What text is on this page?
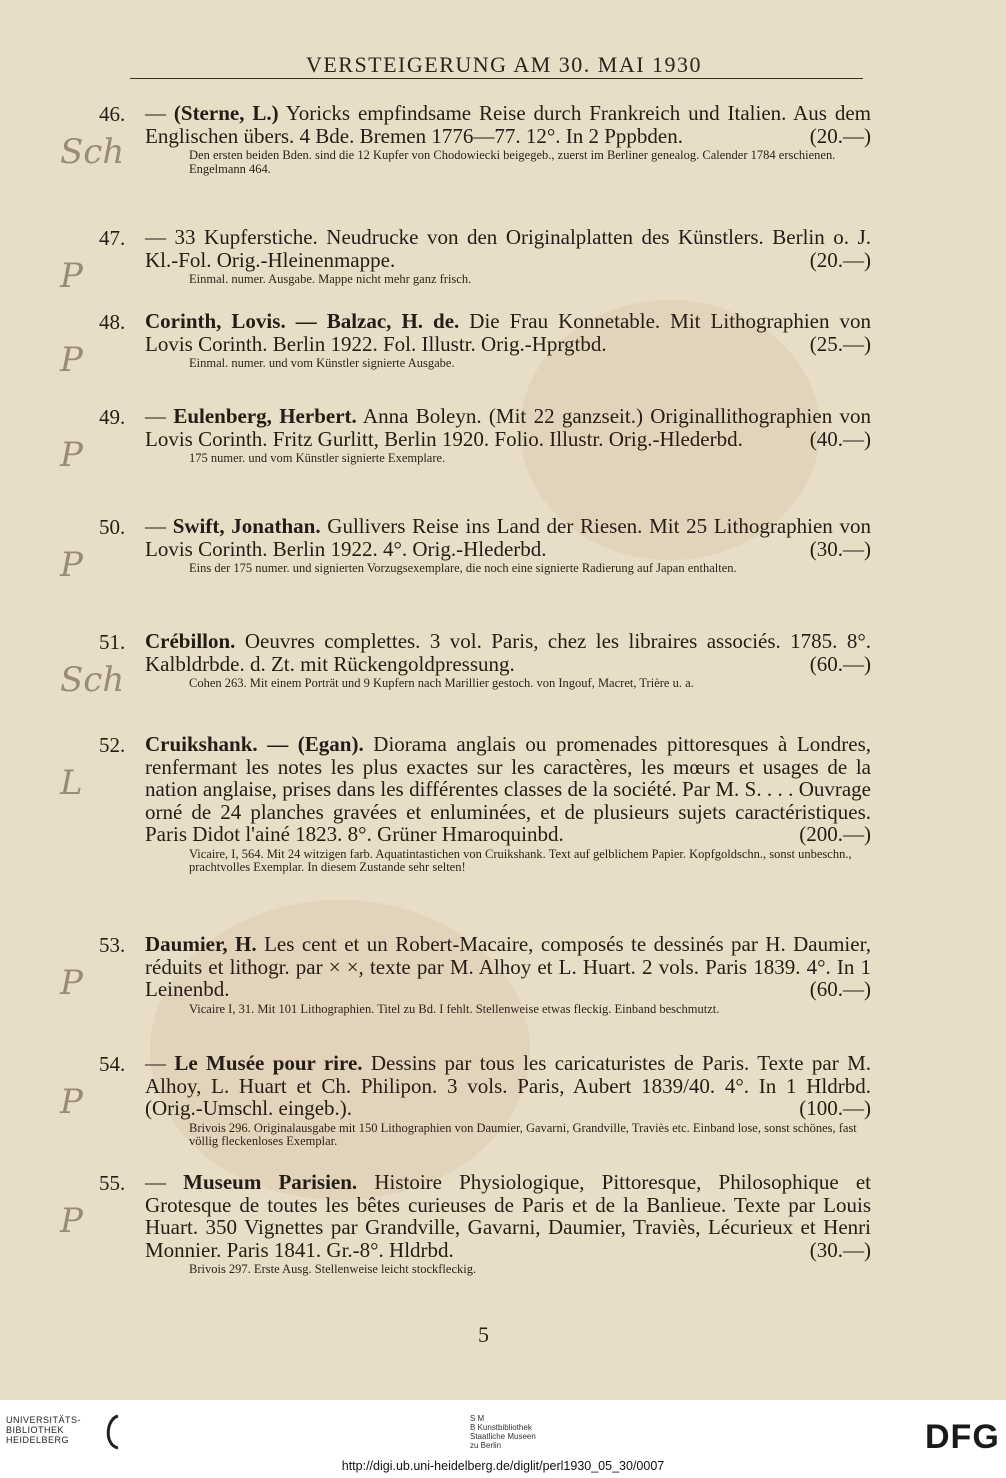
VERSTEIGERUNG AM 30. MAI 1930
46. — (Sterne, L.) Yoricks empfindsame Reise durch Frankreich und Italien. Aus dem Englischen übers. 4 Bde. Bremen 1776—77. 12°. In 2 Pppbden.	(20.—)
Den ersten beiden Bden. sind die 12 Kupfer von Chodowiecki beigegeb., zuerst im Berliner genealog. Calender 1784 erschienen. Engelmann 464.
Sch
47. — 33 Kupferstiche. Neudrucke von den Originalplatten des Künstlers. Berlin o. J. Kl.-Fol. Orig.-Hleinenmappe.	(20.—)
Einmal. numer. Ausgabe. Mappe nicht mehr ganz frisch.
P
48. Corinth, Lovis. — Balzac, H. de. Die Frau Konnetable. Mit Lithographien von Lovis Corinth. Berlin 1922. Fol. Illustr. Orig.-Hprgtbd.	(25.—)
Einmal. numer. und vom Künstler signierte Ausgabe.
P
49. — Eulenberg, Herbert. Anna Boleyn. (Mit 22 ganzseit.) Originallithographien von Lovis Corinth. Fritz Gurlitt, Berlin 1920. Folio. Illustr. Orig.-Hlederbd.	(40.—)
175 numer. und vom Künstler signierte Exemplare.
P
50. — Swift, Jonathan. Gullivers Reise ins Land der Riesen. Mit 25 Lithographien von Lovis Corinth. Berlin 1922. 4°. Orig.-Hlederbd.	(30.—)
Eins der 175 numer. und signierten Vorzugsexemplare, die noch eine signierte Radierung auf Japan enthalten.
P
51. Crébillon. Oeuvres complettes. 3 vol. Paris, chez les libraires associés. 1785. 8°. Kalbldrbde. d. Zt. mit Rückengoldpressung.	(60.—)
Cohen 263. Mit einem Porträt und 9 Kupfern nach Marillier gestoch. von Ingouf, Macret, Trière u. a.
Sch
52. Cruikshank. — (Egan). Diorama anglais ou promenades pittoresques à Londres, renfermant les notes les plus exactes sur les caractères, les mœurs et usages de la nation anglaise, prises dans les différentes classes de la société. Par M. S. . . . Ouvrage orné de 24 planches gravées et enluminées, et de plusieurs sujets caractéristiques. Paris Didot l'ainé 1823. 8°. Grüner Hmaroquinbd.	(200.—)
Vicaire, I, 564. Mit 24 witzigen farb. Aquatintastichen von Cruikshank. Text auf gelblichem Papier. Kopfgoldschn., sonst unbeschn., prachtvolles Exemplar. In diesem Zustande sehr selten!
L
53. Daumier, H. Les cent et un Robert-Macaire, composés te dessinés par H. Daumier, réduits et lithogr. par × ×, texte par M. Alhoy et L. Huart. 2 vols. Paris 1839. 4°. In 1 Leinenbd.	(60.—)
Vicaire I, 31. Mit 101 Lithographien. Titel zu Bd. I fehlt. Stellenweise etwas fleckig. Einband beschmutzt.
P
54. — Le Musée pour rire. Dessins par tous les caricaturistes de Paris. Texte par M. Alhoy, L. Huart et Ch. Philipon. 3 vols. Paris, Aubert 1839/40. 4°. In 1 Hldrbd. (Orig.-Umschl. eingeb.).	(100.—)
Brivois 296. Originalausgabe mit 150 Lithographien von Daumier, Gavarni, Grandville, Traviès etc. Einband lose, sonst schönes, fast völlig fleckenloses Exemplar.
P
55. — Museum Parisien. Histoire Physiologique, Pittoresque, Philosophique et Grotesque de toutes les bêtes curieuses de Paris et de la Banlieue. Texte par Louis Huart. 350 Vignettes par Grandville, Gavarni, Daumier, Traviès, Lécurieux et Henri Monnier. Paris 1841. Gr.-8°. Hldrbd.	(30.—)
Brivois 297. Erste Ausg. Stellenweise leicht stockfleckig.
P
5
UNIVERSITÄTS-
BIBLIOTHEK
HEIDELBERG
S M
B Kunstbibliothek
Staatliche Museen
zu Berlin	DFG
http://digi.ub.uni-heidelberg.de/diglit/perl1930_05_30/0007
